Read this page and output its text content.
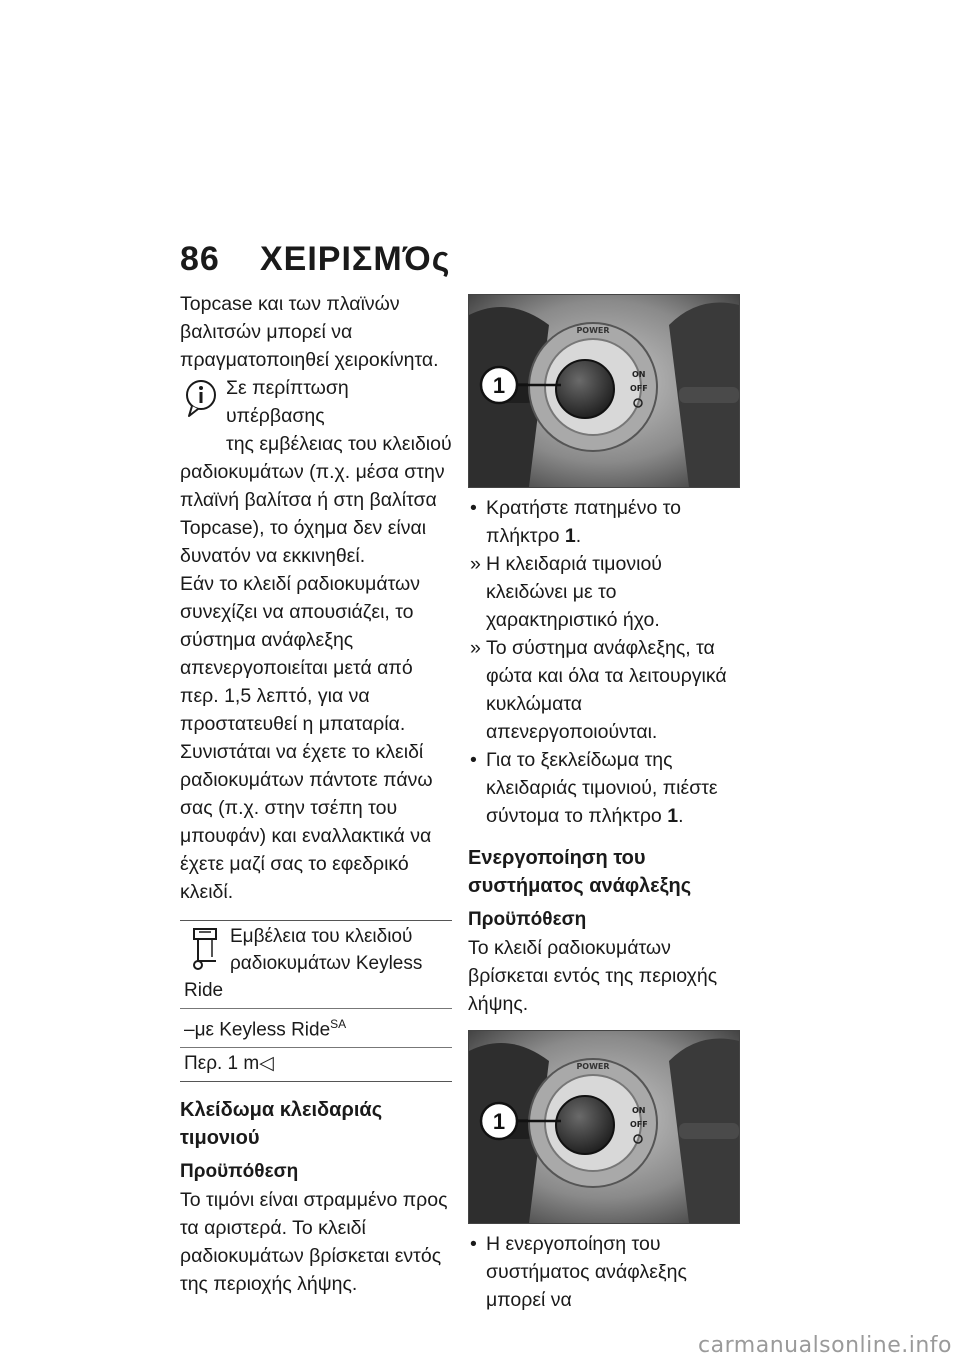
86 ΧΕΙΡΙΣΜΌς

Topcase και των πλαϊνών βαλιτσών μπορεί να πραγματοποιηθεί χειροκίνητα.

Σε περίπτωση υπέρβασης
της εμβέλειας του κλειδιού

ραδιοκυμάτων (π.χ. μέσα στην πλαϊνή βαλίτσα ή στη βαλίτσα Topcase), το όχημα δεν είναι δυνατόν να εκκινηθεί.

Εάν το κλειδί ραδιοκυμάτων συνεχίζει να απουσιάζει, το σύστημα ανάφλεξης απενεργοποιείται μετά από περ. 1,5 λεπτό, για να προστατευθεί η μπαταρία.

Συνιστάται να έχετε το κλειδί ραδιοκυμάτων πάντοτε πάνω σας (π.χ. στην τσέπη του μπουφάν) και εναλλακτικά να έχετε μαζί σας το εφεδρικό κλειδί.

Εμβέλεια του κλειδιού
ραδιοκυμάτων Keyless
Ride
–με Keyless Ride$^{SA}$
Περ. 1 m◁
Κλείδωμα κλειδαριάς τιμονιού
Προϋπόθεση

Το τιμόνι είναι στραμμένο προς τα αριστερά. Το κλειδί ραδιοκυμάτων βρίσκεται εντός της περιοχής λήψης.

POWER
ON
OFF
1
• Κρατήστε πατημένο το πλήκτρο 1.
» Η κλειδαριά τιμονιού κλειδώνει με το χαρακτηριστικό ήχο.
» Το σύστημα ανάφλεξης, τα φώτα και όλα τα λειτουργικά κυκλώματα απενεργοποιούνται.
• Για το ξεκλείδωμα της κλειδαριάς τιμονιού, πιέστε σύντομα το πλήκτρο 1.
Ενεργοποίηση του συστήματος ανάφλεξης
Προϋπόθεση

Το κλειδί ραδιοκυμάτων βρίσκεται εντός της περιοχής λήψης.

POWER
ON
OFF
1
• Η ενεργοποίηση του συστήματος ανάφλεξης μπορεί να
carmanualsonline.info
